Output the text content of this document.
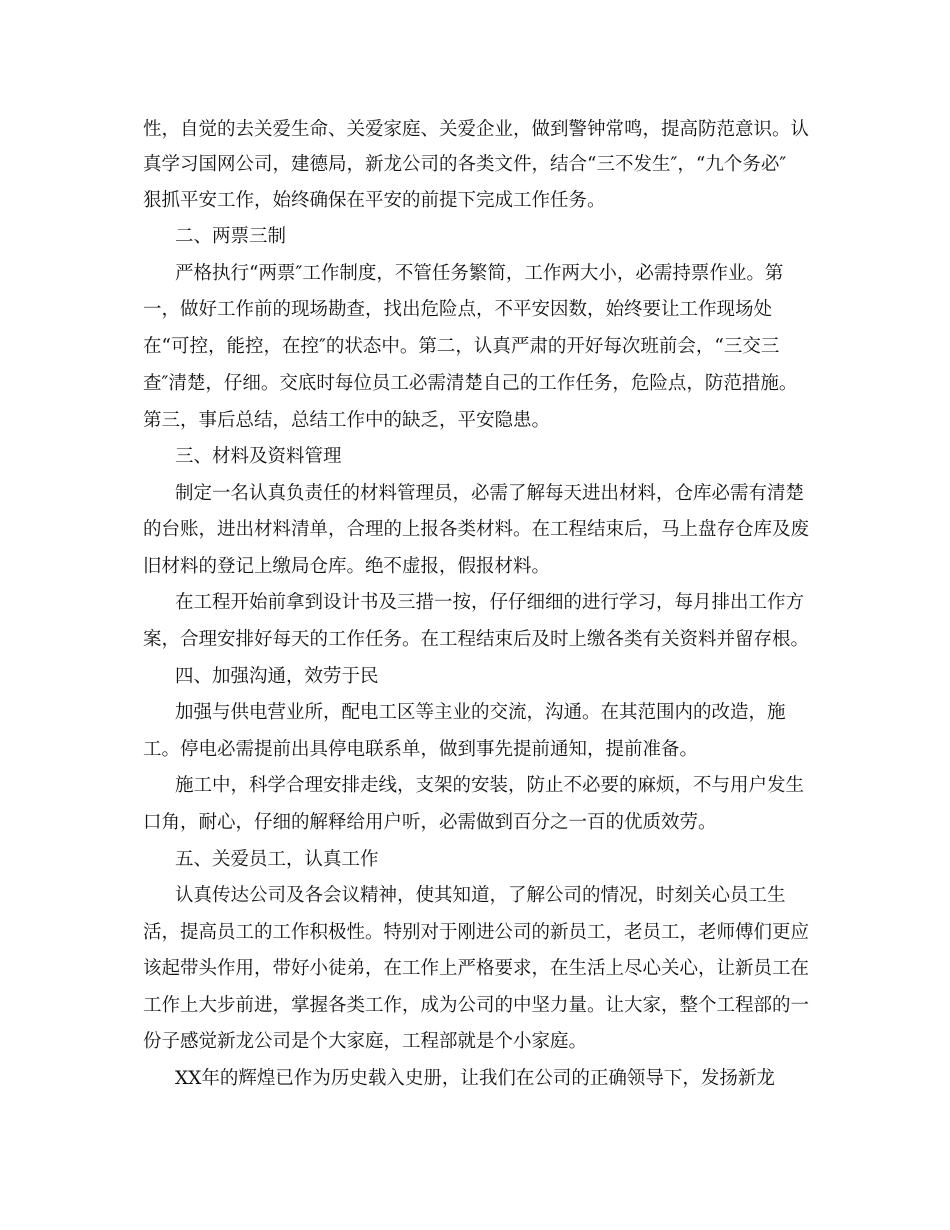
性，自觉的去关爱生命、关爱家庭、关爱企业，做到警钟常鸣，提高防范意识。认
真学习国网公司，建德局，新龙公司的各类文件，结合“三不发生″，“九个务必″
狠抓平安工作，始终确保在平安的前提下完成工作任务。
二、两票三制
严格执行“两票″工作制度，不管任务繁简，工作两大小，必需持票作业。第
一，做好工作前的现场勘查，找出危险点，不平安因数，始终要让工作现场处
在“可控，能控，在控″的状态中。第二，认真严肃的开好每次班前会，“三交三
查″清楚，仔细。交底时每位员工必需清楚自己的工作任务，危险点，防范措施。
第三，事后总结，总结工作中的缺乏，平安隐患。
三、材料及资料管理
制定一名认真负责任的材料管理员，必需了解每天进出材料，仓库必需有清楚
的台账，进出材料清单，合理的上报各类材料。在工程结束后，马上盘存仓库及废
旧材料的登记上缴局仓库。绝不虚报，假报材料。
在工程开始前拿到设计书及三措一按，仔仔细细的进行学习，每月排出工作方
案，合理安排好每天的工作任务。在工程结束后及时上缴各类有关资料并留存根。
四、加强沟通，效劳于民
加强与供电营业所，配电工区等主业的交流，沟通。在其范围内的改造，施
工。停电必需提前出具停电联系单，做到事先提前通知，提前准备。
施工中，科学合理安排走线，支架的安装，防止不必要的麻烦，不与用户发生
口角，耐心，仔细的解释给用户听，必需做到百分之一百的优质效劳。
五、关爱员工，认真工作
认真传达公司及各会议精神，使其知道，了解公司的情况，时刻关心员工生
活，提高员工的工作积极性。特别对于刚进公司的新员工，老员工，老师傅们更应
该起带头作用，带好小徒弟，在工作上严格要求，在生活上尽心关心，让新员工在
工作上大步前进，掌握各类工作，成为公司的中坚力量。让大家，整个工程部的一
份子感觉新龙公司是个大家庭，工程部就是个小家庭。
XX年的辉煌已作为历史载入史册，让我们在公司的正确领导下，发扬新龙
